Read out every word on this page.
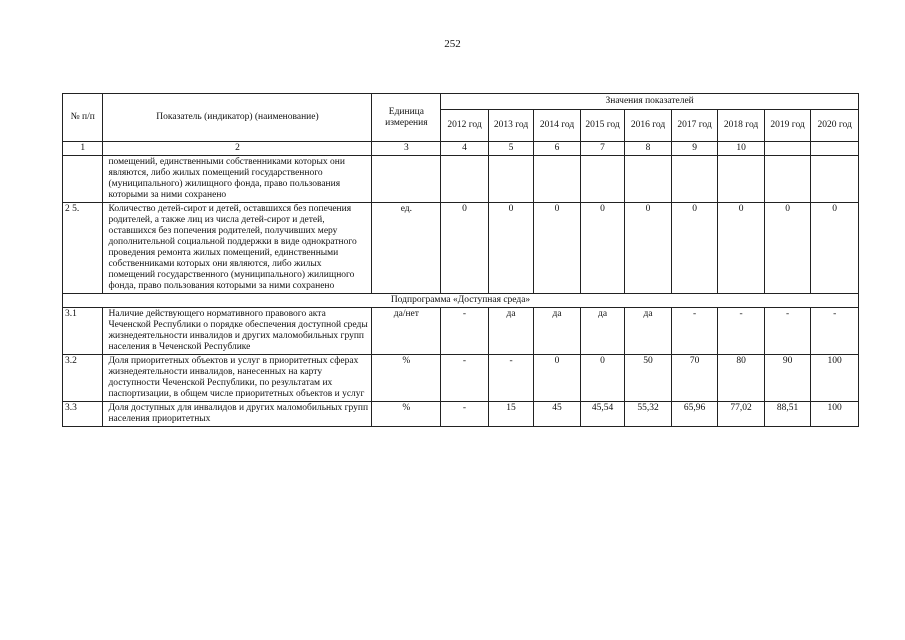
252
№ п/п	Показатель (индикатор) (наименование)	Единица измерения	Значения показателей								
			2012 год	2013 год	2014 год	2015 год	2016 год	2017 год	2018 год	2019 год	2020 год
1	2	3	4	5	6	7	8	9	10		
	помещений, единственными собственниками которых они являются, либо жилых помещений государственного (муниципального) жилищного фонда, право пользования которыми за ними сохранено										
2 5.	Количество детей-сирот и детей, оставшихся без попечения родителей, а также лиц из числа детей-сирот и детей, оставшихся без попечения родителей, получивших меру дополнительной социальной поддержки в виде однократного проведения ремонта жилых помещений, единственными собственниками которых они являются, либо жилых помещений государственного (муниципального) жилищного фонда, право пользования которыми за ними сохранено	ед.	0	0	0	0	0	0	0	0	0
Подпрограмма «Доступная среда»											
3.1	Наличие действующего нормативного правового акта Чеченской Республики о порядке обеспечения доступной среды жизнедеятельности инвалидов и других маломобильных групп населения в Чеченской Республике	да/нет	-	да	да	да	да	-	-	-	-
3.2	Доля приоритетных объектов и услуг в приоритетных сферах жизнедеятельности инвалидов, нанесенных на карту доступности Чеченской Республики, по результатам их паспортизации, в общем числе приоритетных объектов и услуг	%	-	-	0	0	50	70	80	90	100
3.3	Доля доступных для инвалидов и других маломобильных групп населения приоритетных	%	-	15	45	45,54	55,32	65,96	77,02	88,51	100
